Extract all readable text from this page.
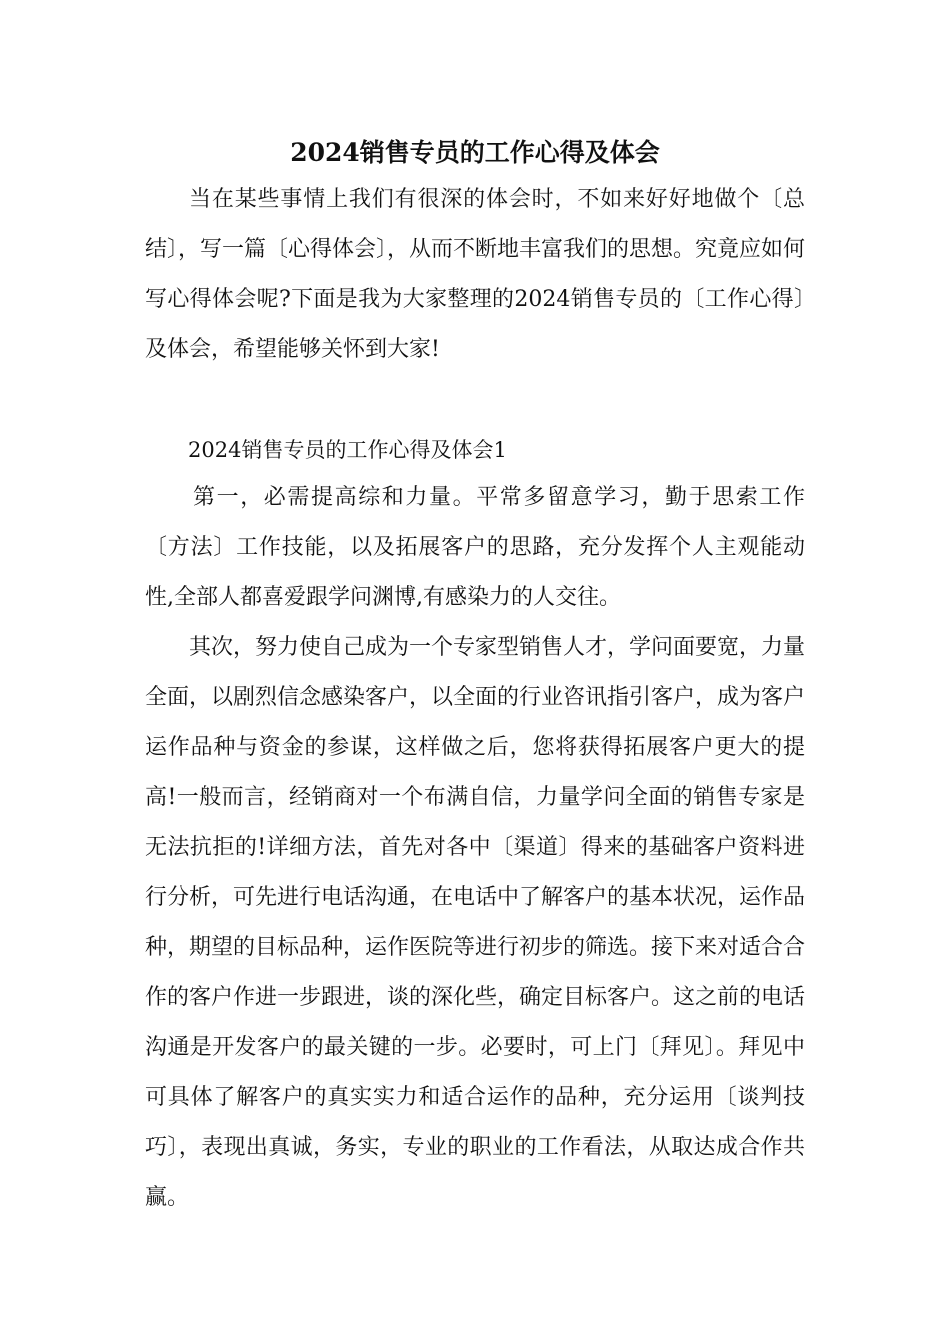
2024销售专员的工作心得及体会

当在某些事情上我们有很深的体会时，不如来好好地做个〔总结〕，写一篇〔心得体会〕，从而不断地丰富我们的思想。究竟应如何写心得体会呢?下面是我为大家整理的2024销售专员的〔工作心得〕及体会，希望能够关怀到大家!

2024销售专员的工作心得及体会1

第一，必需提高综和力量。平常多留意学习，勤于思索工作〔方法〕工作技能，以及拓展客户的思路，充分发挥个人主观能动性,全部人都喜爱跟学问渊博,有感染力的人交往。

其次，努力使自己成为一个专家型销售人才，学问面要宽，力量全面，以剧烈信念感染客户，以全面的行业咨讯指引客户，成为客户运作品种与资金的参谋，这样做之后，您将获得拓展客户更大的提高!一般而言，经销商对一个布满自信，力量学问全面的销售专家是无法抗拒的!详细方法，首先对各中〔渠道〕得来的基础客户资料进行分析，可先进行电话沟通，在电话中了解客户的基本状况，运作品种，期望的目标品种，运作医院等进行初步的筛选。接下来对适合合作的客户作进一步跟进，谈的深化些，确定目标客户。这之前的电话沟通是开发客户的最关键的一步。必要时，可上门〔拜见〕。拜见中可具体了解客户的真实实力和适合运作的品种，充分运用〔谈判技巧〕，表现出真诚，务实，专业的职业的工作看法，从取达成合作共赢。
